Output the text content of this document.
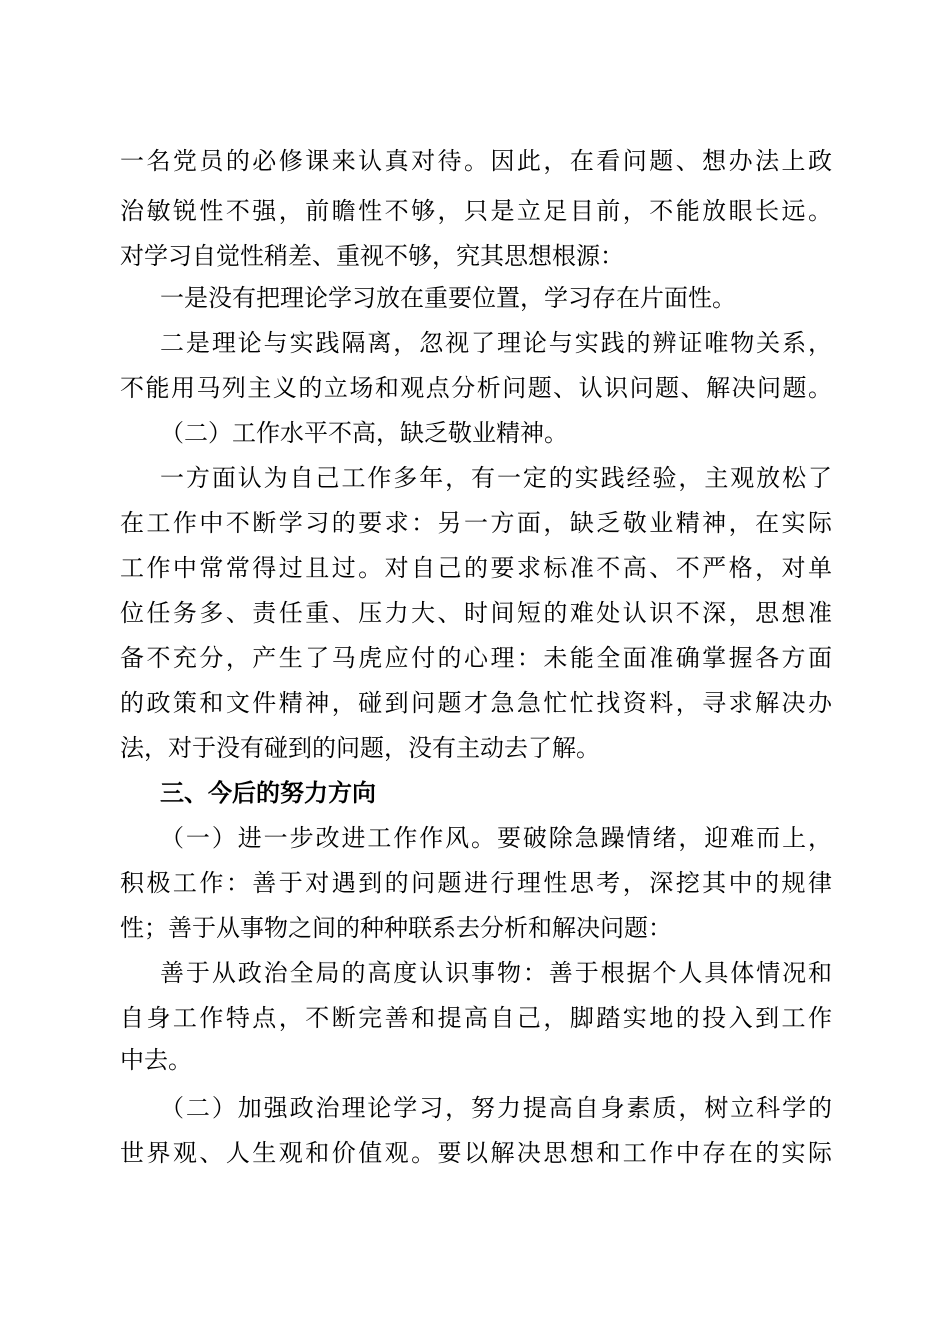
一名党员的必修课来认真对待。因此，在看问题、想办法上政
治敏锐性不强，前瞻性不够，只是立足目前，不能放眼长远。
对学习自觉性稍差、重视不够，究其思想根源：
一是没有把理论学习放在重要位置，学习存在片面性。
二是理论与实践隔离，忽视了理论与实践的辨证唯物关系，
不能用马列主义的立场和观点分析问题、认识问题、解决问题。
（二）工作水平不高，缺乏敬业精神。
一方面认为自己工作多年，有一定的实践经验，主观放松了
在工作中不断学习的要求：另一方面，缺乏敬业精神，在实际
工作中常常得过且过。对自己的要求标准不高、不严格，对单
位任务多、责任重、压力大、时间短的难处认识不深，思想准
备不充分，产生了马虎应付的心理：未能全面准确掌握各方面
的政策和文件精神，碰到问题才急急忙忙找资料，寻求解决办
法，对于没有碰到的问题，没有主动去了解。
三、今后的努力方向
（一）进一步改进工作作风。要破除急躁情绪，迎难而上，
积极工作：善于对遇到的问题进行理性思考，深挖其中的规律
性；善于从事物之间的种种联系去分析和解决问题：
善于从政治全局的高度认识事物：善于根据个人具体情况和
自身工作特点，不断完善和提高自己，脚踏实地的投入到工作
中去。
（二）加强政治理论学习，努力提高自身素质，树立科学的
世界观、人生观和价值观。要以解决思想和工作中存在的实际
